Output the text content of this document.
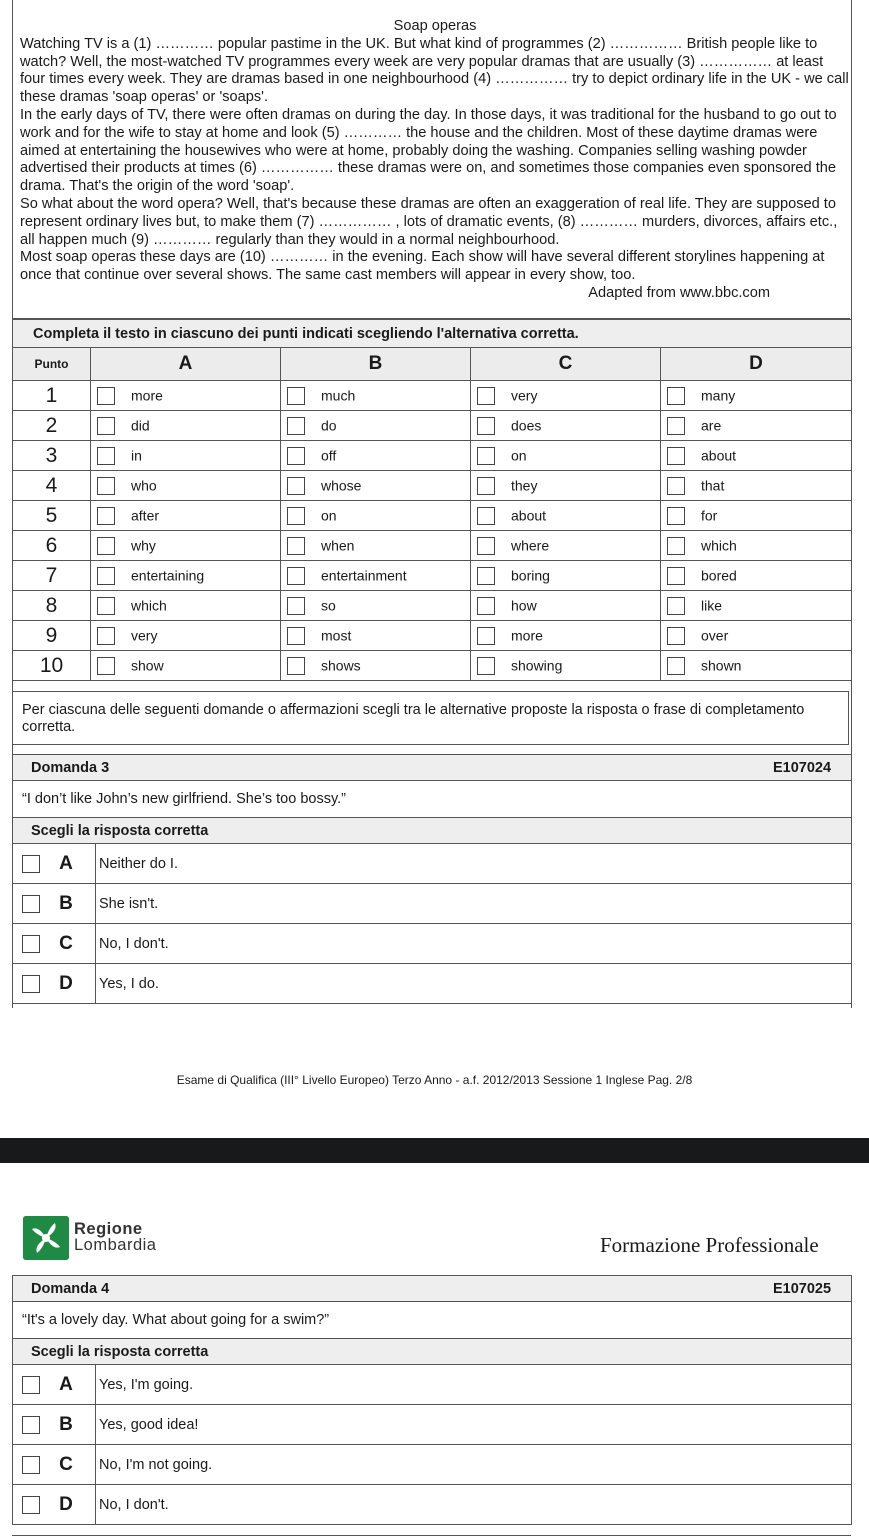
Soap operas

Watching TV is a (1) ………… popular pastime in the UK. But what kind of programmes (2) …………… British people like to watch? Well, the most-watched TV programmes every week are very popular dramas that are usually (3) …………… at least four times every week. They are dramas based in one neighbourhood (4) …………… try to depict ordinary life in the UK - we call these dramas 'soap operas' or 'soaps'.

In the early days of TV, there were often dramas on during the day. In those days, it was traditional for the husband to go out to work and for the wife to stay at home and look (5) ………… the house and the children. Most of these daytime dramas were aimed at entertaining the housewives who were at home, probably doing the washing. Companies selling washing powder advertised their products at times (6) …………… these dramas were on, and sometimes those companies even sponsored the drama. That's the origin of the word 'soap'.

So what about the word opera? Well, that's because these dramas are often an exaggeration of real life. They are supposed to represent ordinary lives but, to make them (7) …………… , lots of dramatic events, (8) ………… murders, divorces, affairs etc., all happen much (9) ………… regularly than they would in a normal neighbourhood.

Most soap operas these days are (10) ………… in the evening. Each show will have several different storylines happening at once that continue over several shows. The same cast members will appear in every show, too.

Adapted from www.bbc.com

Completa il testo in ciascuno dei punti indicati scegliendo l'alternativa corretta.				
Punto	A	B	C	D
1	more	much	very	many
2	did	do	does	are
3	in	off	on	about
4	who	whose	they	that
5	after	on	about	for
6	why	when	where	which
7	entertaining	entertainment	boring	bored
8	which	so	how	like
9	very	most	more	over
10	show	shows	showing	shown
Per ciascuna delle seguenti domande o affermazioni scegli tra le alternative proposte la risposta o frase di completamento corretta.
Domanda 3 E107024	

“I don’t like John’s new girlfriend. She’s too bossy.”	
Scegli la risposta corretta	
A	Neither do I.
B	She isn't.
C	No, I don't.
D	Yes, I do.
Esame di Qualifica (III° Livello Europeo) Terzo Anno - a.f. 2012/2013 Sessione 1 Inglese Pag. 2/8
Regione
Lombardia	Formazione Professionale
Domanda 4 E107025	

“It's a lovely day. What about going for a swim?”	
Scegli la risposta corretta	
A	Yes, I'm going.
B	Yes, good idea!
C	No, I'm not going.
D	No, I don't.
